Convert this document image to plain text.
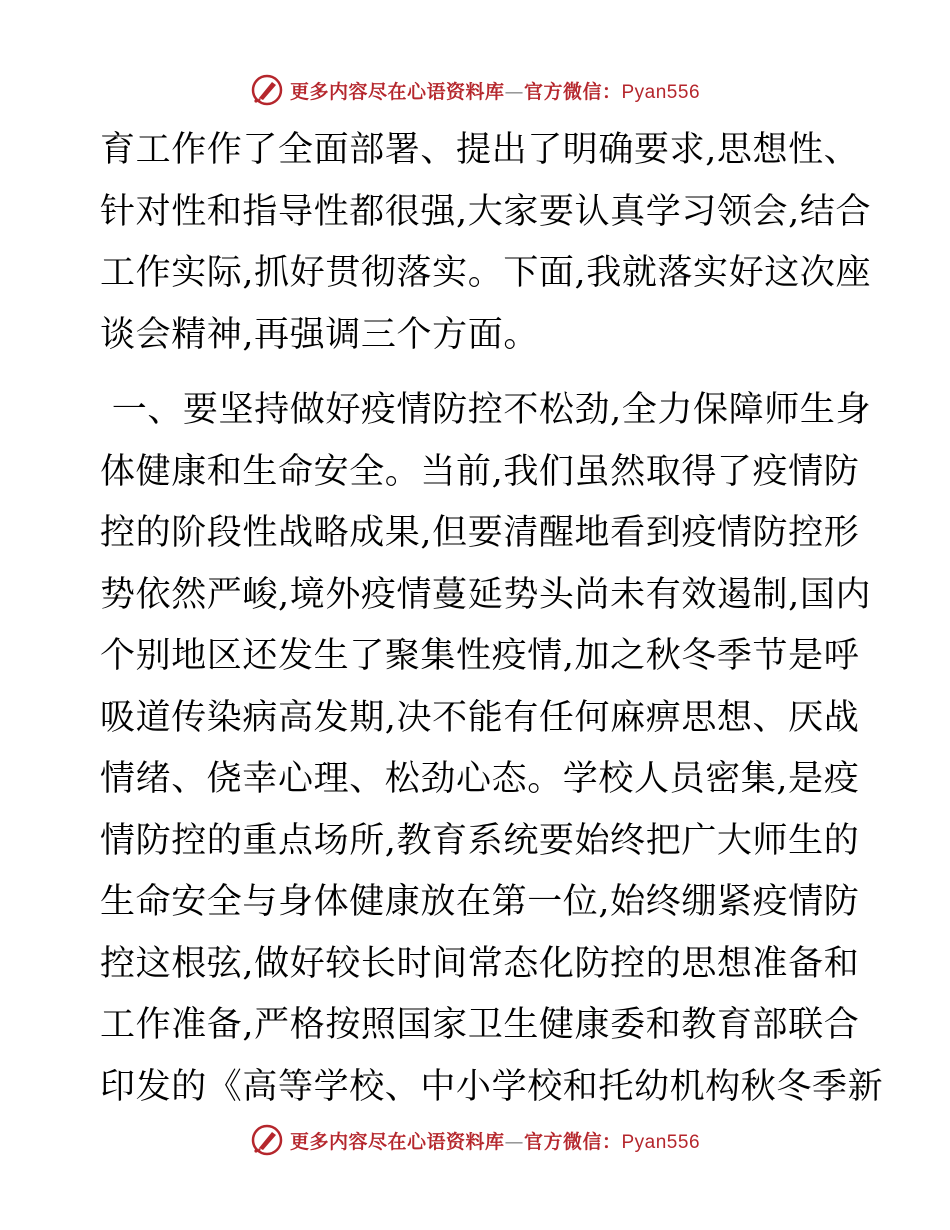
更多内容尽在心语资料库—官方微信：Pyan556
育工作作了全面部署、提出了明确要求,思想性、
针对性和指导性都很强,大家要认真学习领会,结合
工作实际,抓好贯彻落实。下面,我就落实好这次座
谈会精神,再强调三个方面。
一、要坚持做好疫情防控不松劲,全力保障师生身
体健康和生命安全。当前,我们虽然取得了疫情防
控的阶段性战略成果,但要清醒地看到疫情防控形
势依然严峻,境外疫情蔓延势头尚未有效遏制,国内
个别地区还发生了聚集性疫情,加之秋冬季节是呼
吸道传染病高发期,决不能有任何麻痹思想、厌战
情绪、侥幸心理、松劲心态。学校人员密集,是疫
情防控的重点场所,教育系统要始终把广大师生的
生命安全与身体健康放在第一位,始终绷紧疫情防
控这根弦,做好较长时间常态化防控的思想准备和
工作准备,严格按照国家卫生健康委和教育部联合
印发的《高等学校、中小学校和托幼机构秋冬季新
更多内容尽在心语资料库—官方微信：Pyan556
